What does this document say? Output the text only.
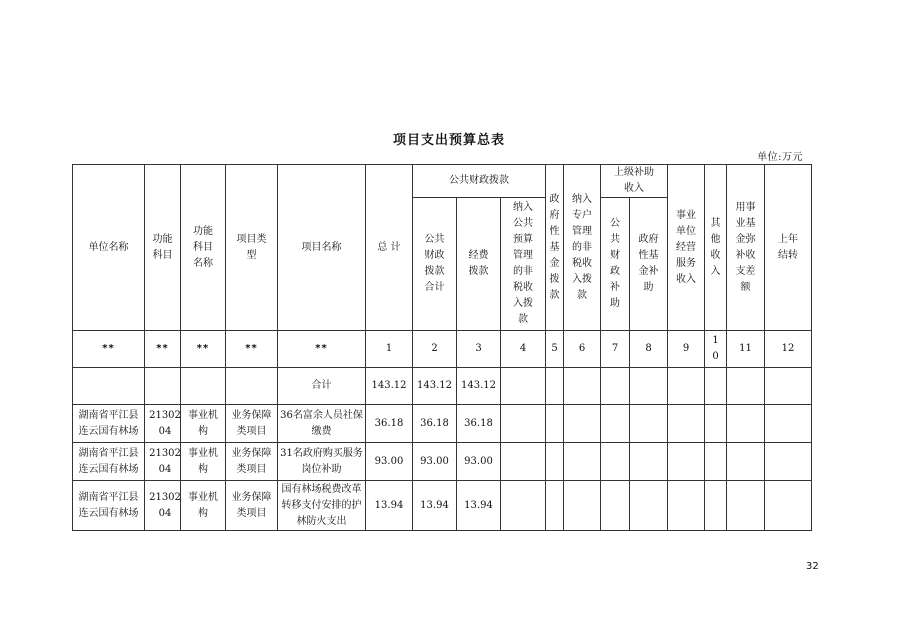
项目支出预算总表
单位:万元
单位名称	功能科目	功能科目名称	项目类型	项目名称	总 计	公共财政拨款			政府性基金拨款	纳入专户管理的非税收入拨款	上级补助收入		事业单位经营服务收入	其他收入	用事业基金弥补收支差额	上年结转
						公共财政拨款合计	经费拨款	纳入公共预算管理的非税收入拨款			公共财政补助	政府性基金补助				
**	**	**	**	**	1	2	3	4	5	6	7	8	9	10	11	12
				合计	143.12	143.12	143.12									
湖南省平江县连云国有林场	2130204	事业机构	业务保障类项目	36名富余人员社保缴费	36.18	36.18	36.18									
湖南省平江县连云国有林场	2130204	事业机构	业务保障类项目	31名政府购买服务岗位补助	93.00	93.00	93.00									
湖南省平江县连云国有林场	2130204	事业机构	业务保障类项目	国有林场税费改革转移支付安排的护林防火支出	13.94	13.94	13.94									
32
